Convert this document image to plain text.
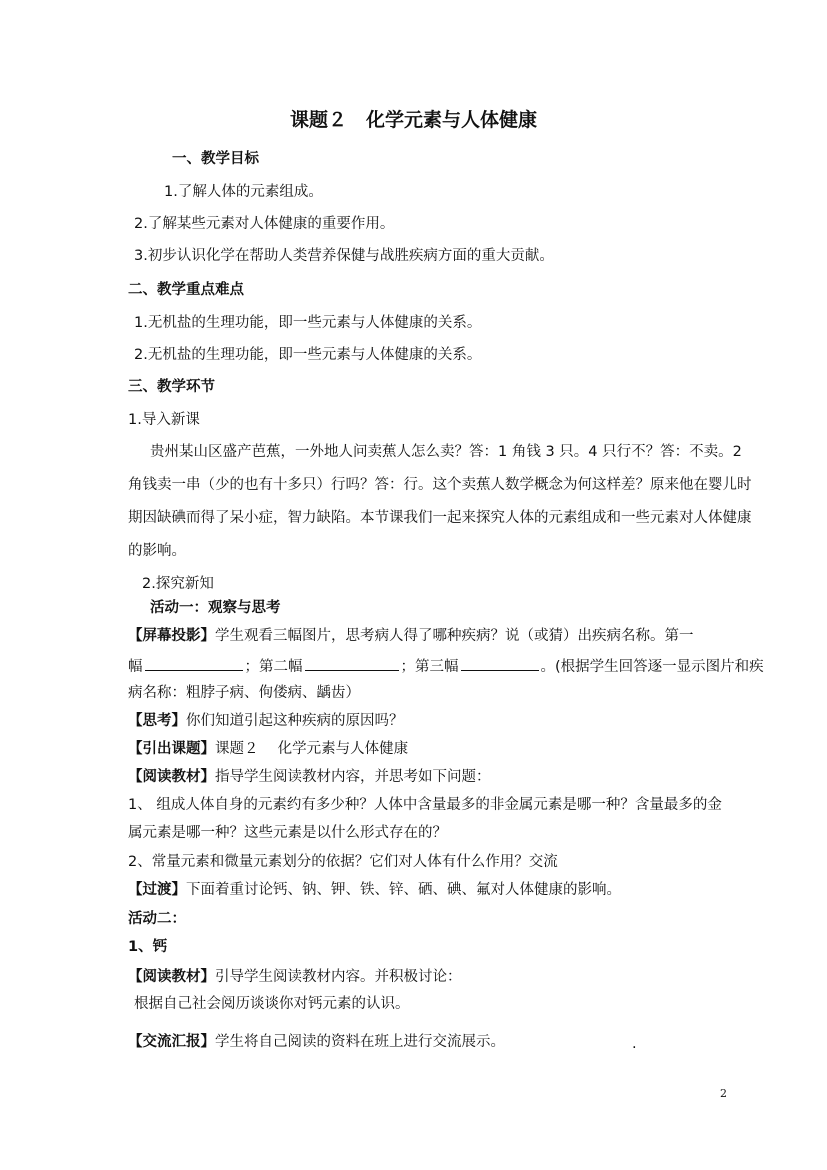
课题２　化学元素与人体健康
一、教学目标
1.了解人体的元素组成。
2.了解某些元素对人体健康的重要作用。
3.初步认识化学在帮助人类营养保健与战胜疾病方面的重大贡献。
二、教学重点难点
1.无机盐的生理功能，即一些元素与人体健康的关系。
2.无机盐的生理功能，即一些元素与人体健康的关系。
三、教学环节
1.导入新课
贵州某山区盛产芭蕉，一外地人问卖蕉人怎么卖？答：1 角钱 3 只。4 只行不？答：不卖。2
角钱卖一串（少的也有十多只）行吗？答：行。这个卖蕉人数学概念为何这样差？原来他在婴儿时
期因缺碘而得了呆小症，智力缺陷。本节课我们一起来探究人体的元素组成和一些元素对人体健康
的影响。
2.探究新知
活动一：观察与思考
【屏幕投影】学生观看三幅图片，思考病人得了哪种疾病？说（或猜）出疾病名称。第一
幅	；第二幅	；第三幅	。(根据学生回答逐一显示图片和疾
病名称：粗脖子病、佝偻病、龋齿）
【思考】你们知道引起这种疾病的原因吗？
【引出课题】课题２　 化学元素与人体健康
【阅读教材】指导学生阅读教材内容，并思考如下问题：
1、 组成人体自身的元素约有多少种？人体中含量最多的非金属元素是哪一种？含量最多的金
属元素是哪一种？这些元素是以什么形式存在的？
2、常量元素和微量元素划分的依据？它们对人体有什么作用？交流
【过渡】下面着重讨论钙、钠、钾、铁、锌、硒、碘、氟对人体健康的影响。
活动二：
1、钙
【阅读教材】引导学生阅读教材内容。并积极讨论：
根据自己社会阅历谈谈你对钙元素的认识。
【交流汇报】学生将自己阅读的资料在班上进行交流展示。	.
2
